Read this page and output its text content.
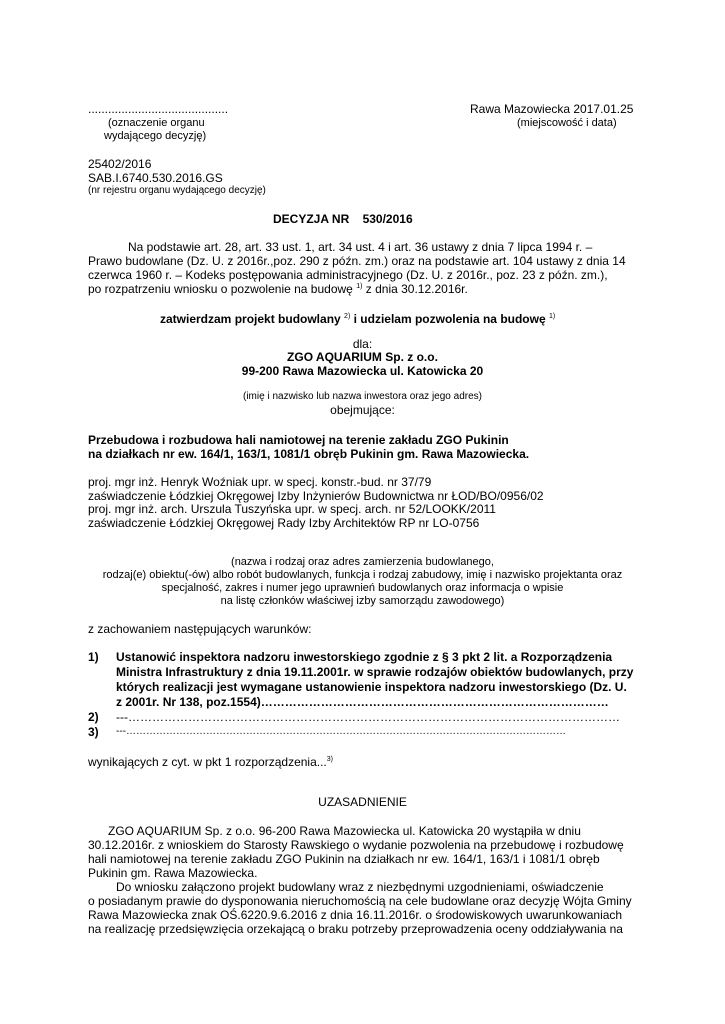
..........................................
(oznaczenie organu
wydającego decyzję)
Rawa Mazowiecka 2017.01.25
(miejscowość i data)
25402/2016
SAB.I.6740.530.2016.GS
(nr rejestru organu wydającego decyzję)
DECYZJA NR 530/2016
Na podstawie art. 28, art. 33 ust. 1, art. 34 ust. 4 i art. 36 ustawy z dnia 7 lipca 1994 r. –
Prawo budowlane (Dz. U. z 2016r.,poz. 290 z późn. zm.) oraz na podstawie art. 104 ustawy z dnia 14
czerwca 1960 r. – Kodeks postępowania administracyjnego (Dz. U. z 2016r., poz. 23 z późn. zm.),
po rozpatrzeniu wniosku o pozwolenie na budowę $^{1)}$ z dnia 30.12.2016r.
zatwierdzam projekt budowlany $^{2)}$ i udzielam pozwolenia na budowę $^{1)}$
dla:
ZGO AQUARIUM Sp. z o.o.
99-200 Rawa Mazowiecka ul. Katowicka 20
(imię i nazwisko lub nazwa inwestora oraz jego adres)
obejmujące:
Przebudowa i rozbudowa hali namiotowej na terenie zakładu ZGO Pukinin
na działkach nr ew. 164/1, 163/1, 1081/1 obręb Pukinin gm. Rawa Mazowiecka.
proj. mgr inż. Henryk Woźniak upr. w specj. konstr.-bud. nr 37/79
zaświadczenie Łódzkiej Okręgowej Izby Inżynierów Budownictwa nr ŁOD/BO/0956/02
proj. mgr inż. arch. Urszula Tuszyńska upr. w specj. arch. nr 52/LOOKK/2011
zaświadczenie Łódzkiej Okręgowej Rady Izby Architektów RP nr LO-0756
(nazwa i rodzaj oraz adres zamierzenia budowlanego,
rodzaj(e) obiektu(-ów) albo robót budowlanych, funkcja i rodzaj zabudowy, imię i nazwisko projektanta oraz
specjalność, zakres i numer jego uprawnień budowlanych oraz informacja o wpisie
na listę członków właściwej izby samorządu zawodowego)
z zachowaniem następujących warunków:
1) Ustanowić inspektora nadzoru inwestorskiego zgodnie z § 3 pkt 2 lit. a Rozporządzenia
Ministra Infrastruktury z dnia 19.11.2001r. w sprawie rodzajów obiektów budowlanych, przy
których realizacji jest wymagane ustanowienie inspektora nadzoru inwestorskiego (Dz. U.
z 2001r. Nr 138, poz.1554)……………………………………………………………………………
2) ---……………………………………………………………………………………………………………
3) ---……………………………………………………………………………………………………………………
wynikających z cyt. w pkt 1 rozporządzenia...$^{3)}$
UZASADNIENIE
ZGO AQUARIUM Sp. z o.o. 96-200 Rawa Mazowiecka ul. Katowicka 20 wystąpiła w dniu
30.12.2016r. z wnioskiem do Starosty Rawskiego o wydanie pozwolenia na przebudowę i rozbudowę
hali namiotowej na terenie zakładu ZGO Pukinin na działkach nr ew. 164/1, 163/1 i 1081/1 obręb
Pukinin gm. Rawa Mazowiecka.
Do wniosku załączono projekt budowlany wraz z niezbędnymi uzgodnieniami, oświadczenie
o posiadanym prawie do dysponowania nieruchomością na cele budowlane oraz decyzję Wójta Gminy
Rawa Mazowiecka znak OŚ.6220.9.6.2016 z dnia 16.11.2016r. o środowiskowych uwarunkowaniach
na realizację przedsięwzięcia orzekającą o braku potrzeby przeprowadzenia oceny oddziaływania na
